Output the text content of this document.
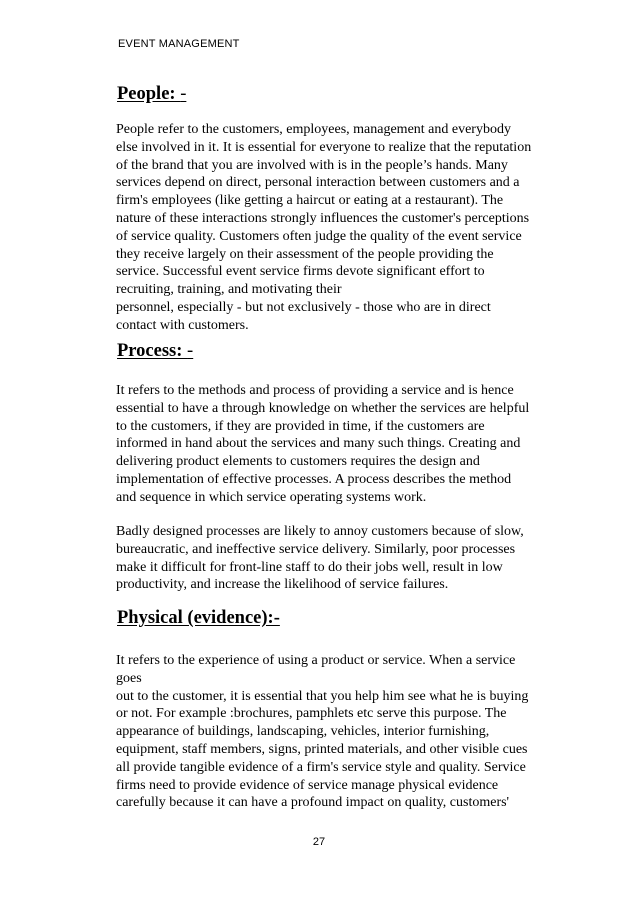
EVENT MANAGEMENT
People: -
People refer to the customers, employees, management and everybody
else involved in it. It is essential for everyone to realize that the reputation
of the brand that you are involved with is in the people’s hands. Many
services depend on direct, personal interaction between customers and a
firm's employees (like getting a haircut or eating at a restaurant). The
nature of these interactions strongly influences the customer's perceptions
of service quality. Customers often judge the quality of the event service
they receive largely on their assessment of the people providing the
service. Successful event service firms devote significant effort to
recruiting, training, and motivating their
personnel, especially - but not exclusively - those who are in direct
contact with customers.
Process: -
It refers to the methods and process of providing a service and is hence
essential to have a through knowledge on whether the services are helpful
to the customers, if they are provided in time, if the customers are
informed in hand about the services and many such things. Creating and
delivering product elements to customers requires the design and
implementation of effective processes. A process describes the method
and sequence in which service operating systems work.
Badly designed processes are likely to annoy customers because of slow,
bureaucratic, and ineffective service delivery. Similarly, poor processes
make it difficult for front-line staff to do their jobs well, result in low
productivity, and increase the likelihood of service failures.
Physical (evidence):-
It refers to the experience of using a product or service. When a service
goes
out to the customer, it is essential that you help him see what he is buying
or not. For example :brochures, pamphlets etc serve this purpose. The
appearance of buildings, landscaping, vehicles, interior furnishing,
equipment, staff members, signs, printed materials, and other visible cues
all provide tangible evidence of a firm's service style and quality. Service
firms need to provide evidence of service manage physical evidence
carefully because it can have a profound impact on quality, customers'
27
